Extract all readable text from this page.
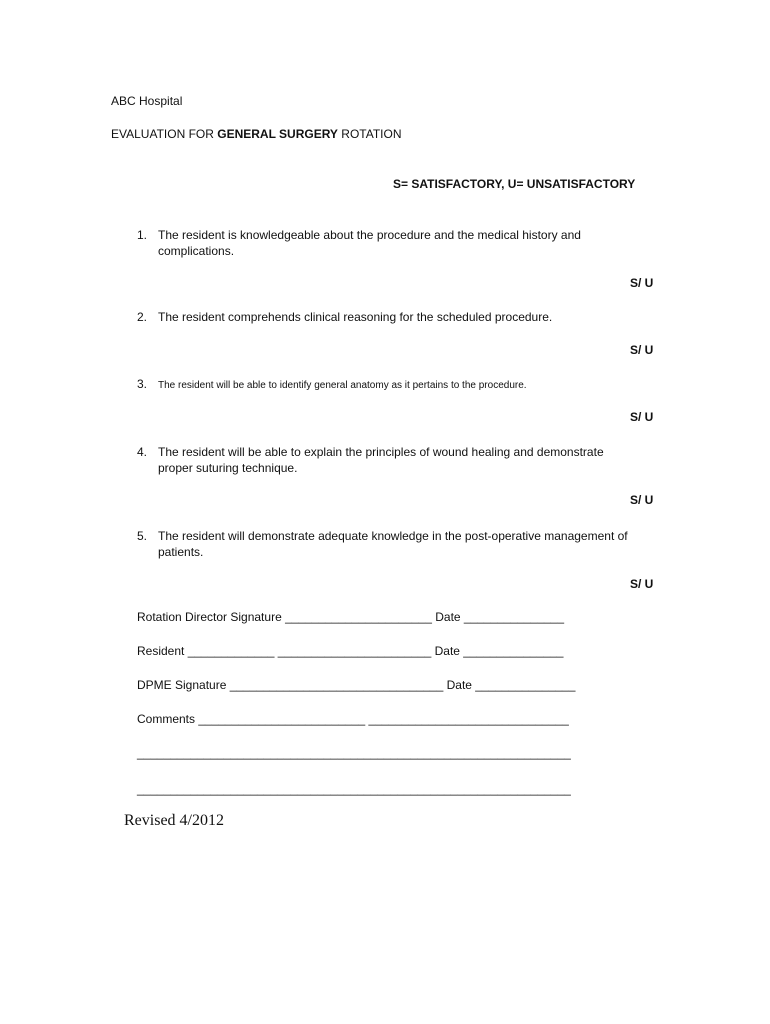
ABC Hospital
EVALUATION FOR GENERAL SURGERY ROTATION
S= SATISFACTORY, U= UNSATISFACTORY
1. The resident is knowledgeable about the procedure and the medical history and complications.
S/ U
2. The resident comprehends clinical reasoning for the scheduled procedure.
S/ U
3. The resident will be able to identify general anatomy as it pertains to the procedure.
S/ U
4. The resident will be able to explain the principles of wound healing and demonstrate proper suturing technique.
S/ U
5. The resident will demonstrate adequate knowledge in the post-operative management of patients.
S/ U
Rotation Director Signature ______________________ Date _______________
Resident _____________ _______________________ Date _______________
DPME Signature ________________________________ Date _______________
Comments _________________________ ______________________________
_________________________________________________________________
_________________________________________________________________
Revised 4/2012
